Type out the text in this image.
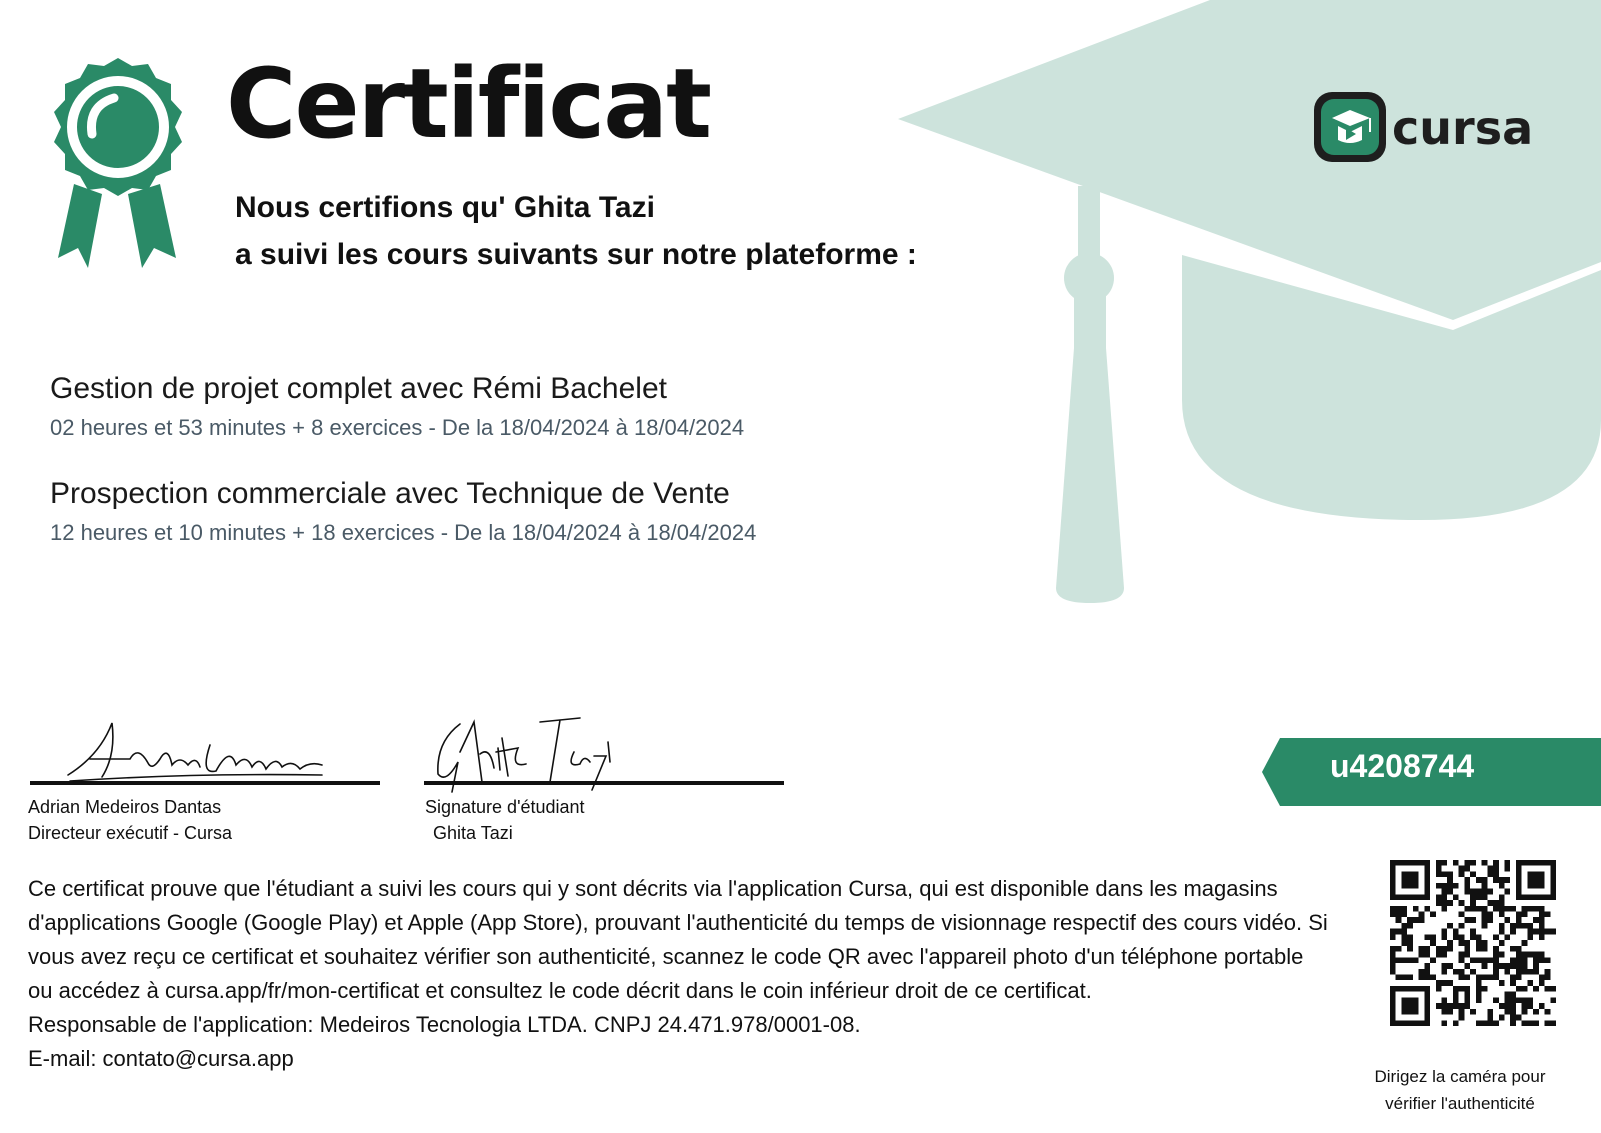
Certificat
Nous certifions qu' Ghita Tazi
a suivi les cours suivants sur notre plateforme :
cursa
Gestion de projet complet avec Rémi Bachelet
02 heures et 53 minutes + 8 exercices - De la 18/04/2024 à 18/04/2024
Prospection commerciale avec Technique de Vente
12 heures et 10 minutes + 18 exercices - De la 18/04/2024 à 18/04/2024
Adrian Medeiros Dantas
Directeur exécutif - Cursa
Signature d'étudiant
Ghita Tazi
u4208744

Ce certificat prouve que l'étudiant a suivi les cours qui y sont décrits via l'application Cursa, qui est disponible dans les magasins d'applications Google (Google Play) et Apple (App Store), prouvant l'authenticité du temps de visionnage respectif des cours vidéo. Si vous avez reçu ce certificat et souhaitez vérifier son authenticité, scannez le code QR avec l'appareil photo d'un téléphone portable ou accédez à cursa.app/fr/mon-certificat et consultez le code décrit dans le coin inférieur droit de ce certificat.

Responsable de l'application: Medeiros Tecnologia LTDA. CNPJ 24.471.978/0001-08.

E-mail: contato@cursa.app

Dirigez la caméra pour
vérifier l'authenticité
